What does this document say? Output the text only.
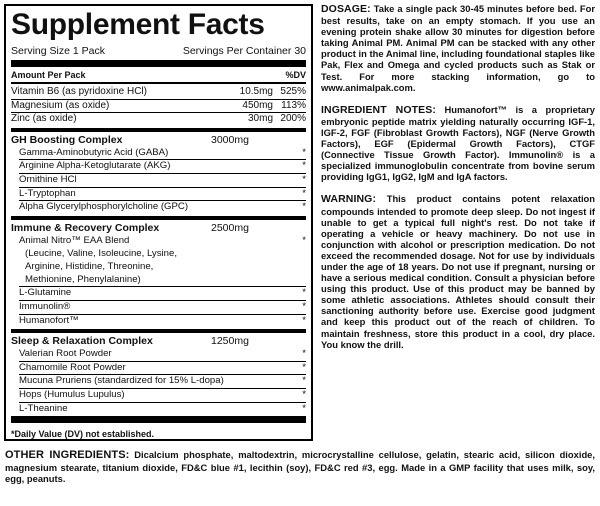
Supplement Facts
Serving Size 1 Pack	Servings Per Container 30
Amount Per Pack	%DV
Vitamin B6 (as pyridoxine HCl)	10.5mg 525%
Magnesium (as oxide)	450mg 113%
Zinc (as oxide)	30mg 200%
GH Boosting Complex	3000mg
Gamma-Aminobutyric Acid (GABA)	*
Arginine Alpha-Ketoglutarate (AKG)	*
Ornithine HCl	*
L-Tryptophan	*
Alpha Glycerylphosphorylcholine (GPC)	*
Immune & Recovery Complex	2500mg
Animal Nitro™ EAA Blend	*
(Leucine, Valine, Isoleucine, Lysine,
Arginine, Histidine, Threonine,
Methionine, Phenylalanine)
L-Glutamine	*
Immunolin®	*
Humanofort™	*
Sleep & Relaxation Complex	1250mg
Valerian Root Powder	*
Chamomile Root Powder	*
Mucuna Pruriens (standardized for 15% L-dopa)	*
Hops (Humulus Lupulus)	*
L-Theanine	*
*Daily Value (DV) not established.

DOSAGE: Take a single pack 30-45 minutes before bed. For best results, take on an empty stomach. If you use an evening protein shake allow 30 minutes for digestion before taking Animal PM. Animal PM can be stacked with any other product in the Animal line, including foundational staples like Pak, Flex and Omega and cycled products such as Stak or Test. For more stacking information, go to www.animalpak.com.

INGREDIENT NOTES: Humanofort™ is a proprietary embryonic peptide matrix yielding naturally occurring IGF-1, IGF-2, FGF (Fibroblast Growth Factors), NGF (Nerve Growth Factors), EGF (Epidermal Growth Factors), CTGF (Connective Tissue Growth Factor). Immunolin® is a specialized immunoglobulin concentrate from bovine serum providing IgG1, IgG2, IgM and IgA factors.

WARNING: This product contains potent relaxation compounds intended to promote deep sleep. Do not ingest if unable to get a typical full night's rest. Do not take if operating a vehicle or heavy machinery. Do not use in conjunction with alcohol or prescription medication. Do not exceed the recommended dosage. Not for use by individuals under the age of 18 years. Do not use if pregnant, nursing or have a serious medical condition. Consult a physician before using this product. Use of this product may be banned by some athletic associations. Athletes should consult their sanctioning authority before use. Exercise good judgment and keep this product out of the reach of children. To maintain freshness, store this product in a cool, dry place. You know the drill.

OTHER INGREDIENTS: Dicalcium phosphate, maltodextrin, microcrystalline cellulose, gelatin, stearic acid, silicon dioxide, magnesium stearate, titanium dioxide, FD&C blue #1, lecithin (soy), FD&C red #3, egg. Made in a GMP facility that uses milk, soy, egg, peanuts.
